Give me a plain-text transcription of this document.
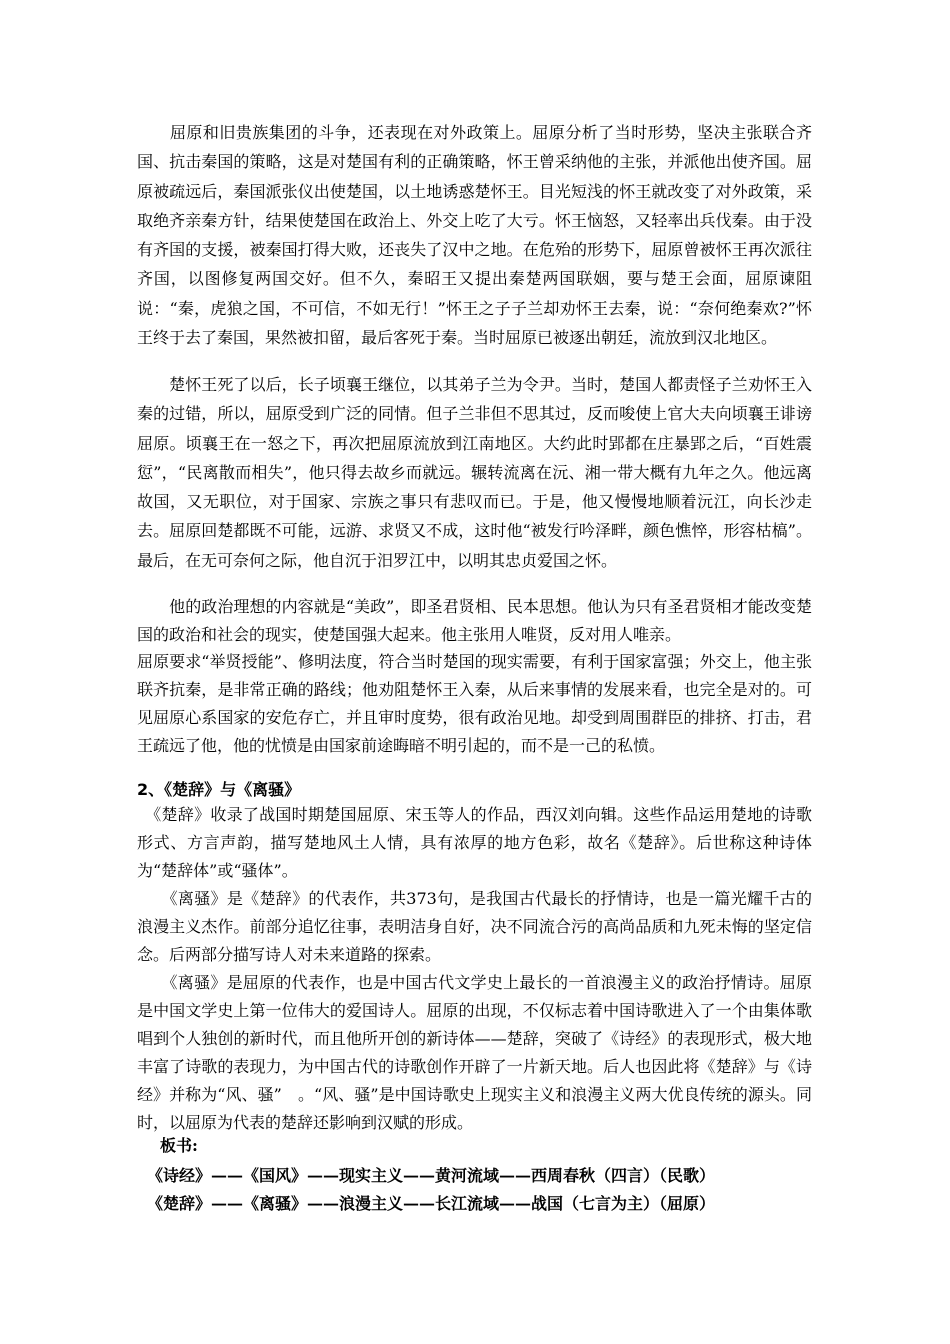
　　屈原和旧贵族集团的斗争，还表现在对外政策上。屈原分析了当时形势，坚决主张联合齐国、抗击秦国的策略，这是对楚国有利的正确策略，怀王曾采纳他的主张，并派他出使齐国。屈原被疏远后，秦国派张仪出使楚国，以土地诱惑楚怀王。目光短浅的怀王就改变了对外政策，采取绝齐亲秦方针，结果使楚国在政治上、外交上吃了大亏。怀王恼怒，又轻率出兵伐秦。由于没有齐国的支援，被秦国打得大败，还丧失了汉中之地。在危殆的形势下，屈原曾被怀王再次派往齐国，以图修复两国交好。但不久，秦昭王又提出秦楚两国联姻，要与楚王会面，屈原谏阻说：“秦，虎狼之国，不可信，不如无行！”怀王之子子兰却劝怀王去秦，说：“奈何绝秦欢?”怀王终于去了秦国，果然被扣留，最后客死于秦。当时屈原已被逐出朝廷，流放到汉北地区。

　　楚怀王死了以后，长子顷襄王继位，以其弟子兰为令尹。当时，楚国人都责怪子兰劝怀王入秦的过错，所以，屈原受到广泛的同情。但子兰非但不思其过，反而唆使上官大夫向顷襄王诽谤屈原。顷襄王在一怒之下，再次把屈原流放到江南地区。大约此时郢都在庄暴郢之后，“百姓震愆”，“民离散而相失”，他只得去故乡而就远。辗转流离在沅、湘一带大概有九年之久。他远离故国，又无职位，对于国家、宗族之事只有悲叹而已。于是，他又慢慢地顺着沅江，向长沙走去。屈原回楚都既不可能，远游、求贤又不成，这时他“被发行吟泽畔，颜色憔悴，形容枯槁”。最后，在无可奈何之际，他自沉于汨罗江中，以明其忠贞爱国之怀。

　　他的政治理想的内容就是“美政”，即圣君贤相、民本思想。他认为只有圣君贤相才能改变楚国的政治和社会的现实，使楚国强大起来。他主张用人唯贤，反对用人唯亲。

屈原要求“举贤授能”、修明法度，符合当时楚国的现实需要，有利于国家富强；外交上，他主张联齐抗秦，是非常正确的路线；他劝阻楚怀王入秦，从后来事情的发展来看，也完全是对的。可见屈原心系国家的安危存亡，并且审时度势，很有政治见地。却受到周围群臣的排挤、打击，君王疏远了他，他的忧愤是由国家前途晦暗不明引起的，而不是一己的私愤。

2、《楚辞》与《离骚》

　《楚辞》收录了战国时期楚国屈原、宋玉等人的作品，西汉刘向辑。这些作品运用楚地的诗歌形式、方言声韵，描写楚地风土人情，具有浓厚的地方色彩，故名《楚辞》。后世称这种诗体为“楚辞体”或“骚体”。

　　《离骚》是《楚辞》的代表作，共373句，是我国古代最长的抒情诗，也是一篇光耀千古的浪漫主义杰作。前部分追忆往事，表明洁身自好，决不同流合污的高尚品质和九死未悔的坚定信念。后两部分描写诗人对未来道路的探索。

　　《离骚》是屈原的代表作，也是中国古代文学史上最长的一首浪漫主义的政治抒情诗。屈原是中国文学史上第一位伟大的爱国诗人。屈原的出现，不仅标志着中国诗歌进入了一个由集体歌唱到个人独创的新时代，而且他所开创的新诗体——楚辞，突破了《诗经》的表现形式，极大地丰富了诗歌的表现力，为中国古代的诗歌创作开辟了一片新天地。后人也因此将《楚辞》与《诗经》并称为“风、骚”　。“风、骚”是中国诗歌史上现实主义和浪漫主义两大优良传统的源头。同时，以屈原为代表的楚辞还影响到汉赋的形成。

板书:

《诗经》——《国风》——现实主义——黄河流域——西周春秋（四言）（民歌）

《楚辞》——《离骚》——浪漫主义——长江流域——战国（七言为主）（屈原）
